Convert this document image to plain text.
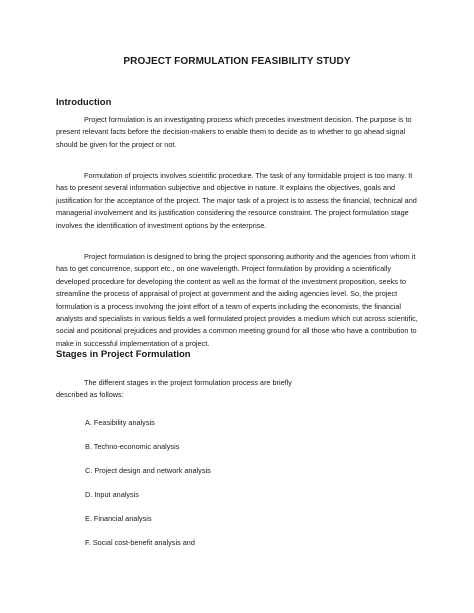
PROJECT FORMULATION FEASIBILITY STUDY
Introduction

Project formulation is an investigating process which precedes investment decision. The purpose is to present relevant facts before the decision-makers to enable them to decide as to whether to go ahead signal should be given for the project or not.

Formulation of projects involves scientific procedure. The task of any formidable project is too many. It has to present several information subjective and objective in nature. It explains the objectives, goals and justification for the acceptance of the project. The major task of a project is to assess the financial, technical and managerial involvement and its justification considering the resource constraint. The project formulation stage involves the identification of investment options by the enterprise.

Project formulation is designed to bring the project sponsoring authority and the agencies from whom it has to get concurrence, support etc., on one wavelength. Project formulation by providing a scientifically developed procedure for developing the content as well as the format of the investment proposition, seeks to streamline the process of appraisal of project at government and the aiding agencies level. So, the project formulation is a process involving the joint effort of a team of experts including the economists, the financial analysts and specialists in various fields a well formulated project provides a medium which cut across scientific, social and positional prejudices and provides a common meeting ground for all those who have a contribution to make in successful implementation of a project.

Stages in Project Formulation

The different stages in the project formulation process are briefly described as follows:

A. Feasibility analysis
B. Techno-economic analysis
C. Project design and network analysis
D. Input analysis
E. Financial analysis
F. Social cost-benefit analysis and
